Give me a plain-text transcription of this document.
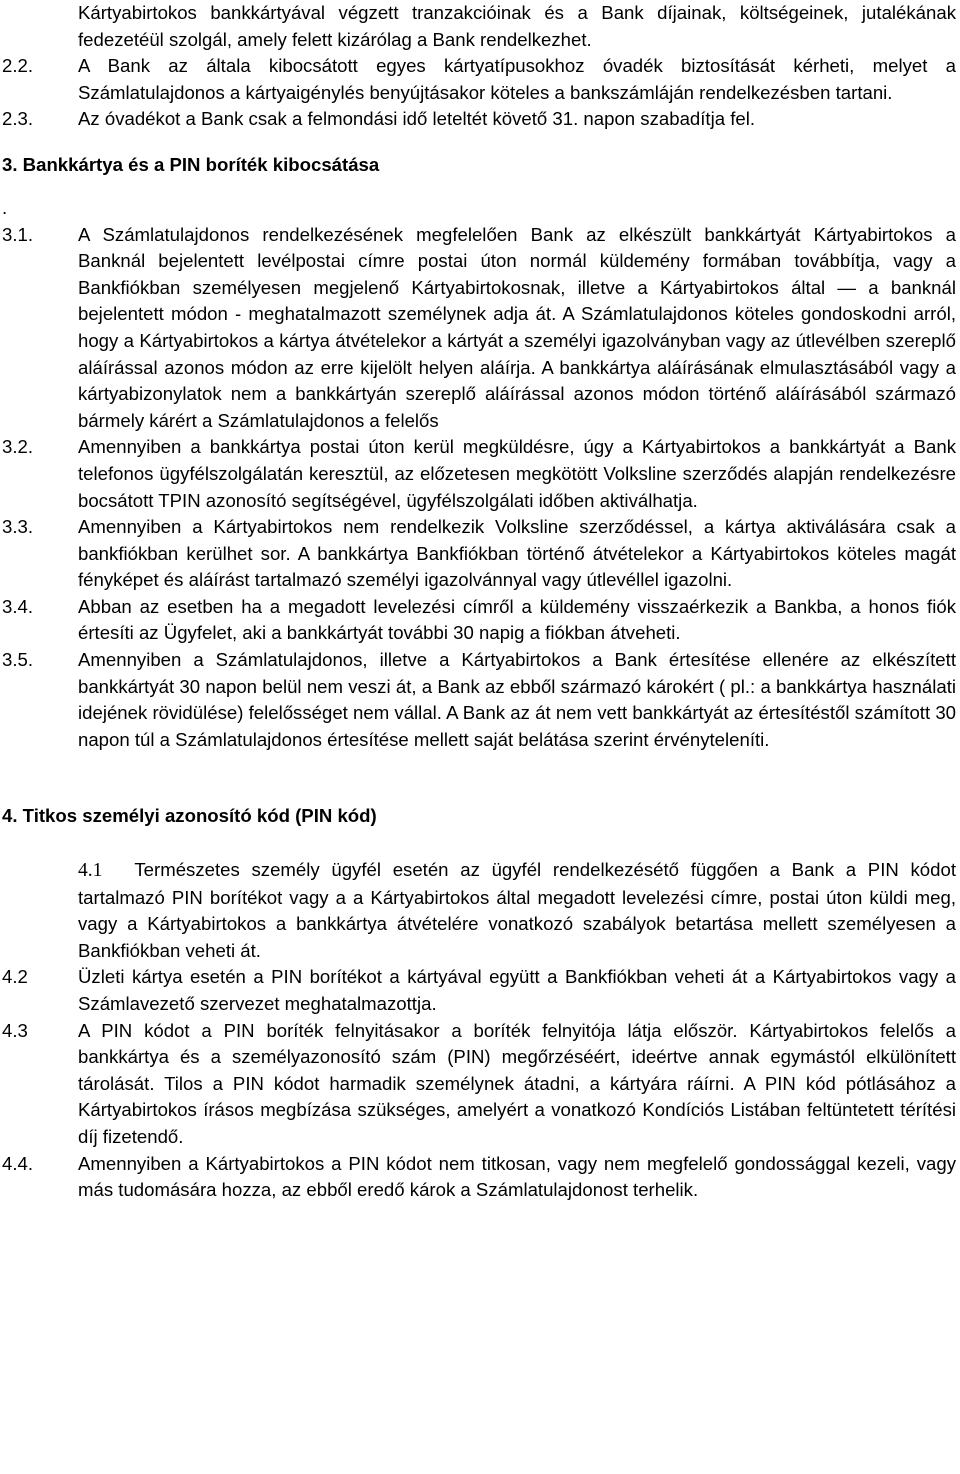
Kártyabirtokos bankkártyával végzett tranzakcióinak és a Bank díjainak, költségeinek, jutalékának fedezetéül szolgál, amely felett kizárólag a Bank rendelkezhet.
2.2. A Bank az általa kibocsátott egyes kártyatípusokhoz óvadék biztosítását kérheti, melyet a Számlatulajdonos a kártyaigénylés benyújtásakor köteles a bankszámláján rendelkezésben tartani.
2.3. Az óvadékot a Bank csak a felmondási idő leteltét követő 31. napon szabadítja fel.
3. Bankkártya és a PIN boríték kibocsátása
.
3.1. A Számlatulajdonos rendelkezésének megfelelően Bank az elkészült bankkártyát Kártyabirtokos a Banknál bejelentett levélpostai címre postai úton normál küldemény formában továbbítja, vagy a Bankfiókban személyesen megjelenő Kártyabirtokosnak, illetve a Kártyabirtokos által — a banknál bejelentett módon - meghatalmazott személynek adja át. A Számlatulajdonos köteles gondoskodni arról, hogy a Kártyabirtokos a kártya átvételekor a kártyát a személyi igazolványban vagy az útlevélben szereplő aláírással azonos módon az erre kijelölt helyen aláírja. A bankkártya aláírásának elmulasztásából vagy a kártyabizonylatok nem a bankkártyán szereplő aláírással azonos módon történő aláírásából származó bármely kárért a Számlatulajdonos a felelős
3.2. Amennyiben a bankkártya postai úton kerül megküldésre, úgy a Kártyabirtokos a bankkártyát a Bank telefonos ügyfélszolgálatán keresztül, az előzetesen megkötött Volksline szerződés alapján rendelkezésre bocsátott TPIN azonosító segítségével, ügyfélszolgálati időben aktiválhatja.
3.3. Amennyiben a Kártyabirtokos nem rendelkezik Volksline szerződéssel, a kártya aktiválására csak a bankfiókban kerülhet sor. A bankkártya Bankfiókban történő átvételekor a Kártyabirtokos köteles magát fényképet és aláírást tartalmazó személyi igazolvánnyal vagy útlevéllel igazolni.
3.4. Abban az esetben ha a megadott levelezési címről a küldemény visszaérkezik a Bankba, a honos fiók értesíti az Ügyfelet, aki a bankkártyát további 30 napig a fiókban átveheti.
3.5. Amennyiben a Számlatulajdonos, illetve a Kártyabirtokos a Bank értesítése ellenére az elkészített bankkártyát 30 napon belül nem veszi át, a Bank az ebből származó károkért ( pl.: a bankkártya használati idejének rövidülése) felelősséget nem vállal. A Bank az át nem vett bankkártyát az értesítéstől számított 30 napon túl a Számlatulajdonos értesítése mellett saját belátása szerint érvényteleníti.
4. Titkos személyi azonosító kód (PIN kód)
4.1 Természetes személy ügyfél esetén az ügyfél rendelkezésétő függően a Bank a PIN kódot tartalmazó PIN borítékot vagy a a Kártyabirtokos által megadott levelezési címre, postai úton küldi meg, vagy a Kártyabirtokos a bankkártya átvételére vonatkozó szabályok betartása mellett személyesen a Bankfiókban veheti át.
4.2	Üzleti kártya esetén a PIN borítékot a kártyával együtt a Bankfiókban veheti át a Kártyabirtokos vagy a Számlavezető szervezet meghatalmazottja.
4.3	A PIN kódot a PIN boríték felnyitásakor a boríték felnyitója látja először. Kártyabirtokos felelős a bankkártya és a személyazonosító szám (PIN) megőrzéséért, ideértve annak egymástól elkülönített tárolását. Tilos a PIN kódot harmadik személynek átadni, a kártyára ráírni. A PIN kód pótlásához a Kártyabirtokos írásos megbízása szükséges, amelyért a vonatkozó Kondíciós Listában feltüntetett térítési díj fizetendő.
4.4. Amennyiben a Kártyabirtokos a PIN kódot nem titkosan, vagy nem megfelelő gondossággal kezeli, vagy más tudomására hozza, az ebből eredő károk a Számlatulajdonost terhelik.
